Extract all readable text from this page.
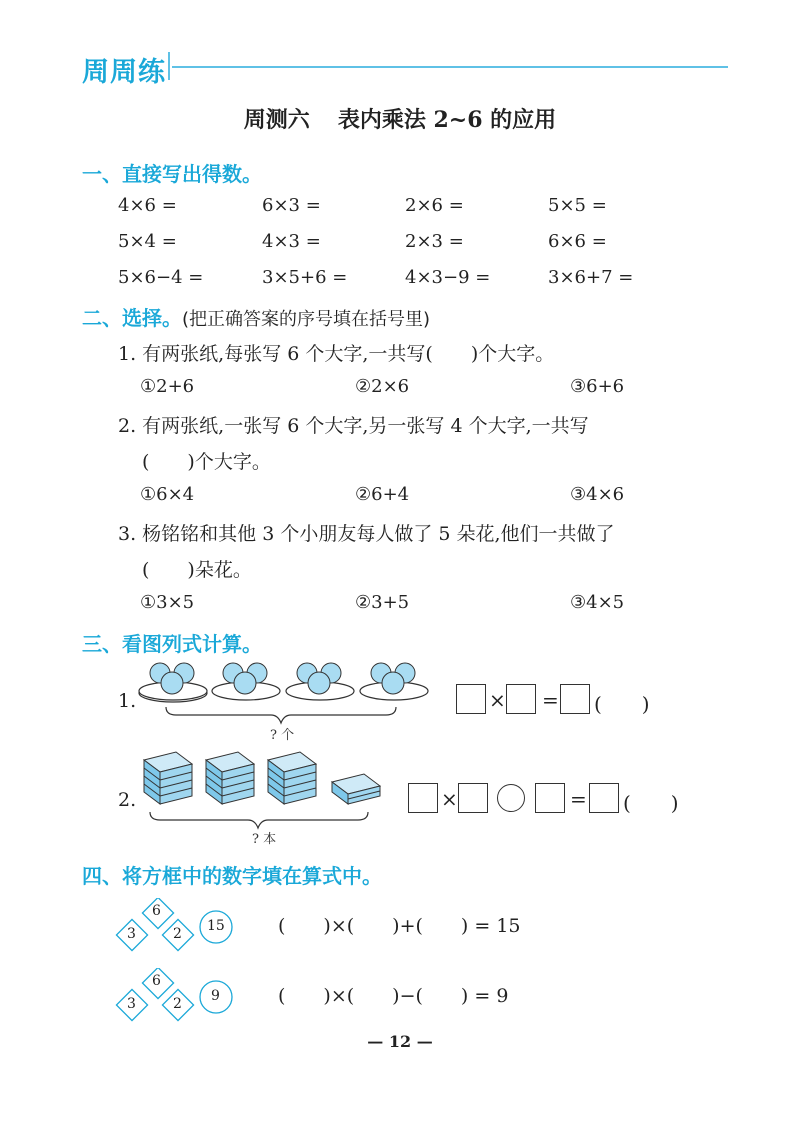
周周练
周测六 表内乘法 2~6 的应用
一、直接写出得数。
4×6 =	6×3 =	2×6 =	5×5 =
5×4 =	4×3 =	2×3 =	6×6 =
5×6−4 =	3×5+6 =	4×3−9 =	3×6+7 =
二、选择。(把正确答案的序号填在括号里)
1. 有两张纸,每张写 6 个大字,一共写(　　)个大字。
①2+6	②2×6	③6+6
2. 有两张纸,一张写 6 个大字,另一张写 4 个大字,一共写
(　　)个大字。
①6×4	②6+4	③4×6
3. 杨铭铭和其他 3 个小朋友每人做了 5 朵花,他们一共做了
(　　)朵花。
①3×5	②3+5	③4×5
三、看图列式计算。
1.
? 个
× = (　　)
2.
? 本
×	= (　　)
四、将方框中的数字填在算式中。
6
3	2 15	(　　)×(　　)+(　　) = 15
6
3	2 9	(　　)×(　　)−(　　) = 9
— 12 —
